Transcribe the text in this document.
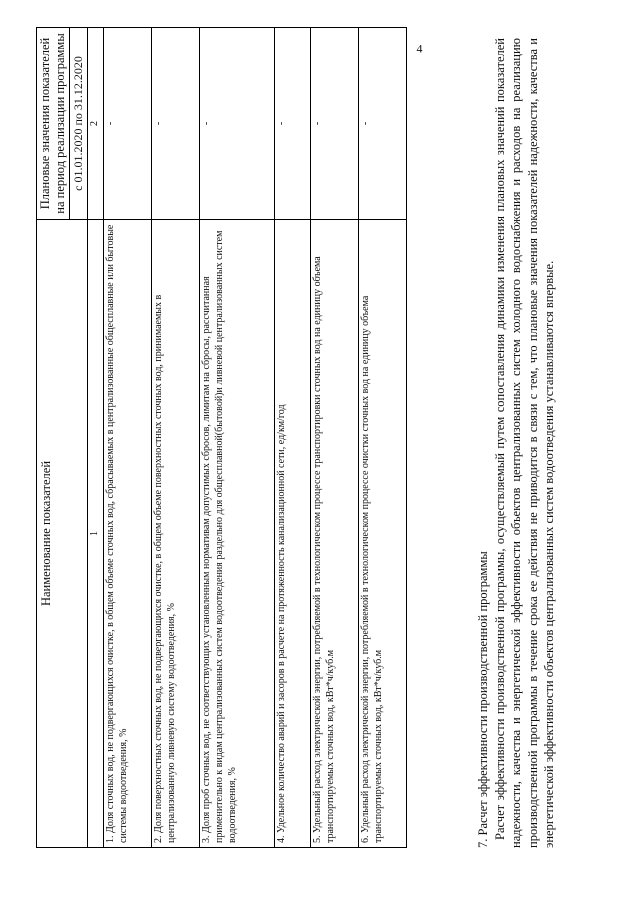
4
Наименование показателей	Плановые значения показателей на период реализации программы
	с 01.01.2020 по 31.12.2020
1	2
1. Доля сточных вод, не подвергающихся очистке, в общем объеме сточных вод, сбрасываемых в централизованные общесплавные или бытовые системы водоотведения, %	-
2. Доля поверхностных сточных вод, не подвергающихся очистке, в общем объеме поверхностных сточных вод, принимаемых в централизованную ливневую систему водоотведения, %	-
3. Доля проб сточных вод, не соответствующих установленным нормативам допустимых сбросов, лимитам на сбросы, рассчитанная применительно к видам централизованных систем водоотведения раздельно для общесплавной(бытовой)и ливневой централизованных систем водоотведения, %	-
4. Удельное количество аварий и засоров в расчете на протяженность канализационной сети, ед/км/год	-
5. Удельный расход электрической энергии, потребляемой в технологическом процессе транспортировки сточных вод на единицу объема транспортируемых сточных вод, кВт*ч/куб.м	-
6. Удельный расход электрической энергии, потребляемой в технологическом процессе очистки сточных вод на единицу объема транспортируемых сточных вод, кВт*ч/куб.м	-

7. Расчет эффективности производственной программы Расчет эффективности производственной программы, осуществляемый путем сопоставления динамики изменения плановых значений показателей надежности, качества и энергетической эффективности объектов централизованных систем холодного водоснабжения и расходов на реализацию производственной программы в течение срока ее действия не приводится в связи с тем, что плановые значения показателей надежности, качества и энергетической эффективности объектов централизованных систем водоотведения устанавливаются впервые.
